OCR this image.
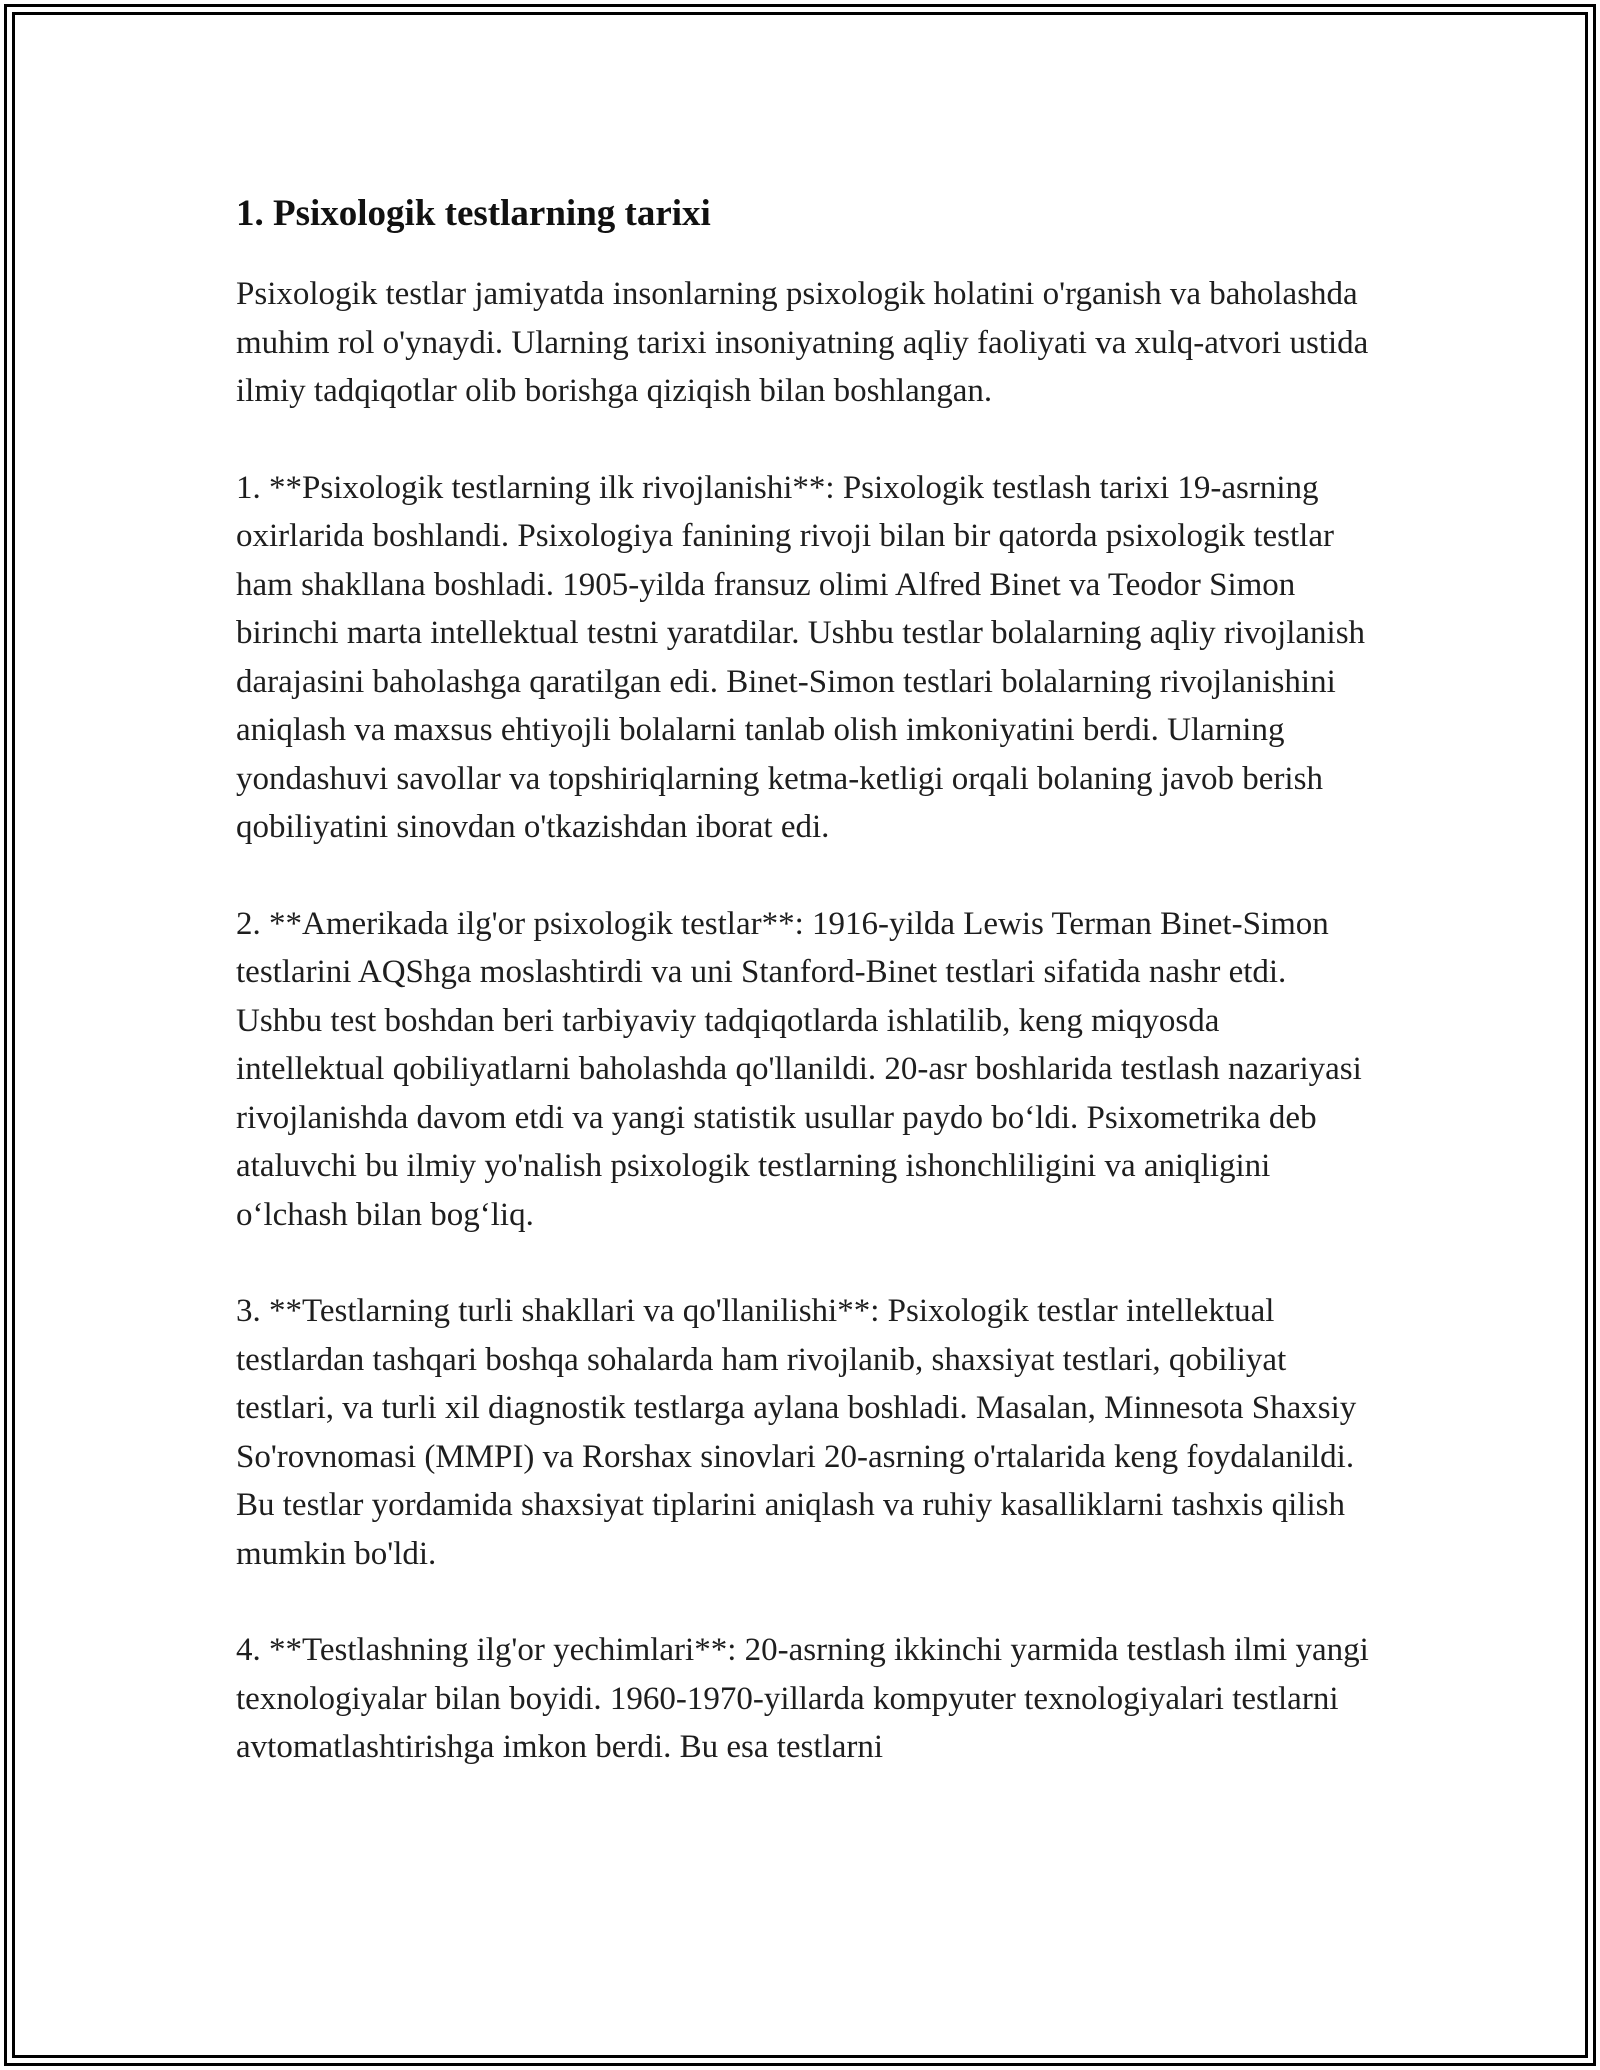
1. Psixologik testlarning tarixi

Psixologik testlar jamiyatda insonlarning psixologik holatini o'rganish va baholashda muhim rol o'ynaydi. Ularning tarixi insoniyatning aqliy faoliyati va xulq-atvori ustida ilmiy tadqiqotlar olib borishga qiziqish bilan boshlangan.

1. **Psixologik testlarning ilk rivojlanishi**: Psixologik testlash tarixi 19-asrning oxirlarida boshlandi. Psixologiya fanining rivoji bilan bir qatorda psixologik testlar ham shakllana boshladi. 1905-yilda fransuz olimi Alfred Binet va Teodor Simon birinchi marta intellektual testni yaratdilar. Ushbu testlar bolalarning aqliy rivojlanish darajasini baholashga qaratilgan edi. Binet-Simon testlari bolalarning rivojlanishini aniqlash va maxsus ehtiyojli bolalarni tanlab olish imkoniyatini berdi. Ularning yondashuvi savollar va topshiriqlarning ketma-ketligi orqali bolaning javob berish qobiliyatini sinovdan o'tkazishdan iborat edi.

2. **Amerikada ilg'or psixologik testlar**: 1916-yilda Lewis Terman Binet-Simon testlarini AQShga moslashtirdi va uni Stanford-Binet testlari sifatida nashr etdi. Ushbu test boshdan beri tarbiyaviy tadqiqotlarda ishlatilib, keng miqyosda intellektual qobiliyatlarni baholashda qo'llanildi. 20-asr boshlarida testlash nazariyasi rivojlanishda davom etdi va yangi statistik usullar paydo bo‘ldi. Psixometrika deb ataluvchi bu ilmiy yo'nalish psixologik testlarning ishonchliligini va aniqligini o‘lchash bilan bog‘liq.

3. **Testlarning turli shakllari va qo'llanilishi**: Psixologik testlar intellektual testlardan tashqari boshqa sohalarda ham rivojlanib, shaxsiyat testlari, qobiliyat testlari, va turli xil diagnostik testlarga aylana boshladi. Masalan, Minnesota Shaxsiy So'rovnomasi (MMPI) va Rorshax sinovlari 20-asrning o'rtalarida keng foydalanildi. Bu testlar yordamida shaxsiyat tiplarini aniqlash va ruhiy kasalliklarni tashxis qilish mumkin bo'ldi.

4. **Testlashning ilg'or yechimlari**: 20-asrning ikkinchi yarmida testlash ilmi yangi texnologiyalar bilan boyidi. 1960-1970-yillarda kompyuter texnologiyalari testlarni avtomatlashtirishga imkon berdi. Bu esa testlarni
